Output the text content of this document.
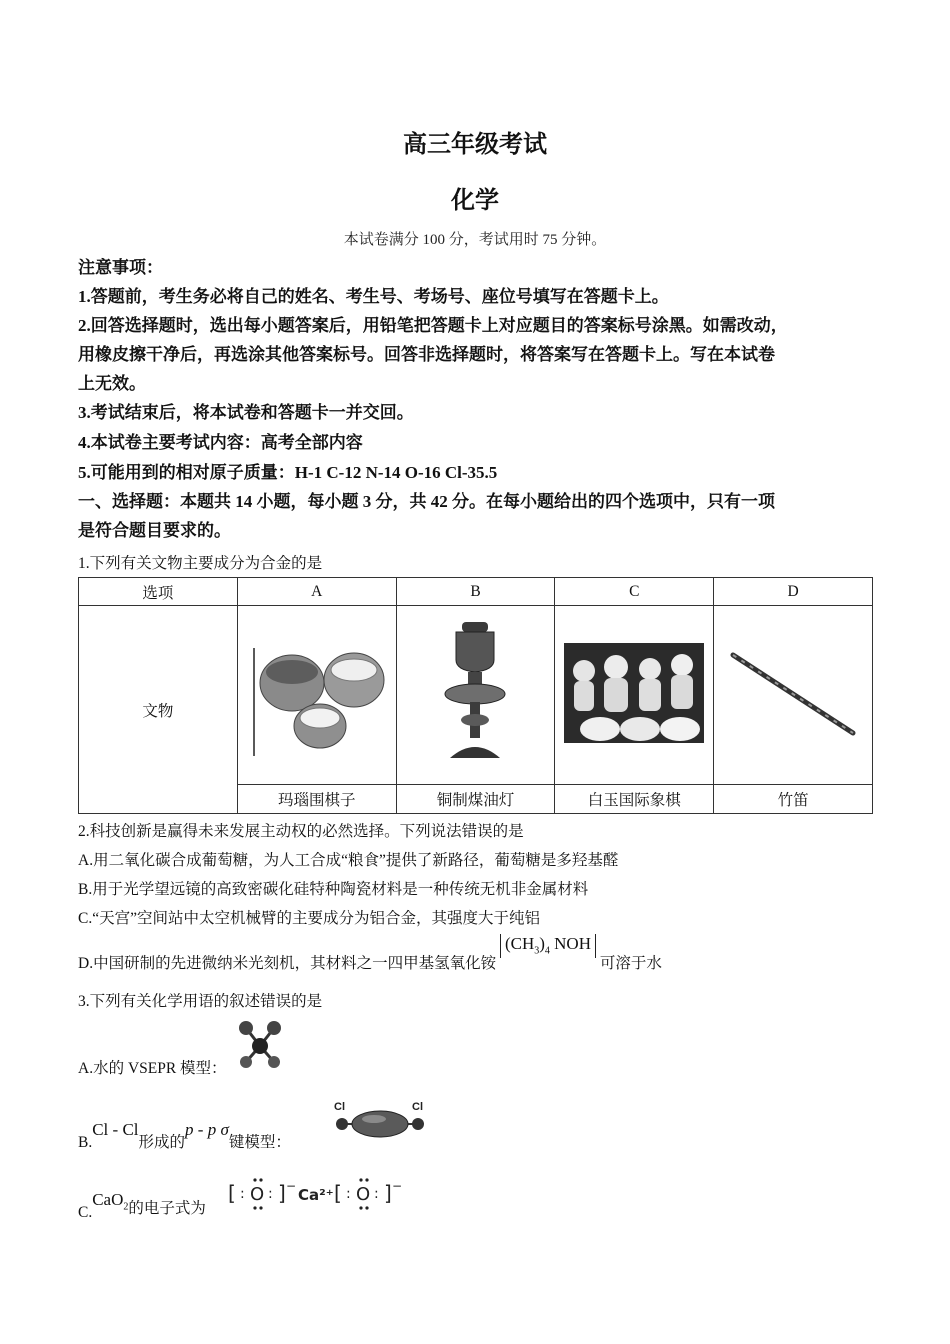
高三年级考试
化学
本试卷满分 100 分，考试用时 75 分钟。
注意事项：
1.答题前，考生务必将自己的姓名、考生号、考场号、座位号填写在答题卡上。
2.回答选择题时，选出每小题答案后，用铅笔把答题卡上对应题目的答案标号涂黑。如需改动，
用橡皮擦干净后，再选涂其他答案标号。回答非选择题时，将答案写在答题卡上。写在本试卷
上无效。
3.考试结束后，将本试卷和答题卡一并交回。
4.本试卷主要考试内容：高考全部内容
5.可能用到的相对原子质量：H-1 C-12 N-14 O-16 Cl-35.5
一、选择题：本题共 14 小题，每小题 3 分，共 42 分。在每小题给出的四个选项中，只有一项
是符合题目要求的。
1.下列有关文物主要成分为合金的是
选项	A	B	C	D
文物				
	玛瑙围棋子	铜制煤油灯	白玉国际象棋	竹笛
2.科技创新是赢得未来发展主动权的必然选择。下列说法错误的是
A.用二氧化碳合成葡萄糖，为人工合成“粮食”提供了新路径，葡萄糖是多羟基醛
B.用于光学望远镜的高致密碳化硅特种陶瓷材料是一种传统无机非金属材料
C.“天宫”空间站中太空机械臂的主要成分为铝合金，其强度大于纯铝
D.中国研制的先进微纳米光刻机，其材料之一四甲基氢氧化铵 $(CH_3)_4$ NOH 可溶于水
3.下列有关化学用语的叙述错误的是
A.水的 VSEPR 模型：
B.Cl - Cl形成的p - p σ键模型：
Cl	Cl
C.CaO$_2$的电子式为
[ : O : ] − Ca²⁺ [ : O : ] −
